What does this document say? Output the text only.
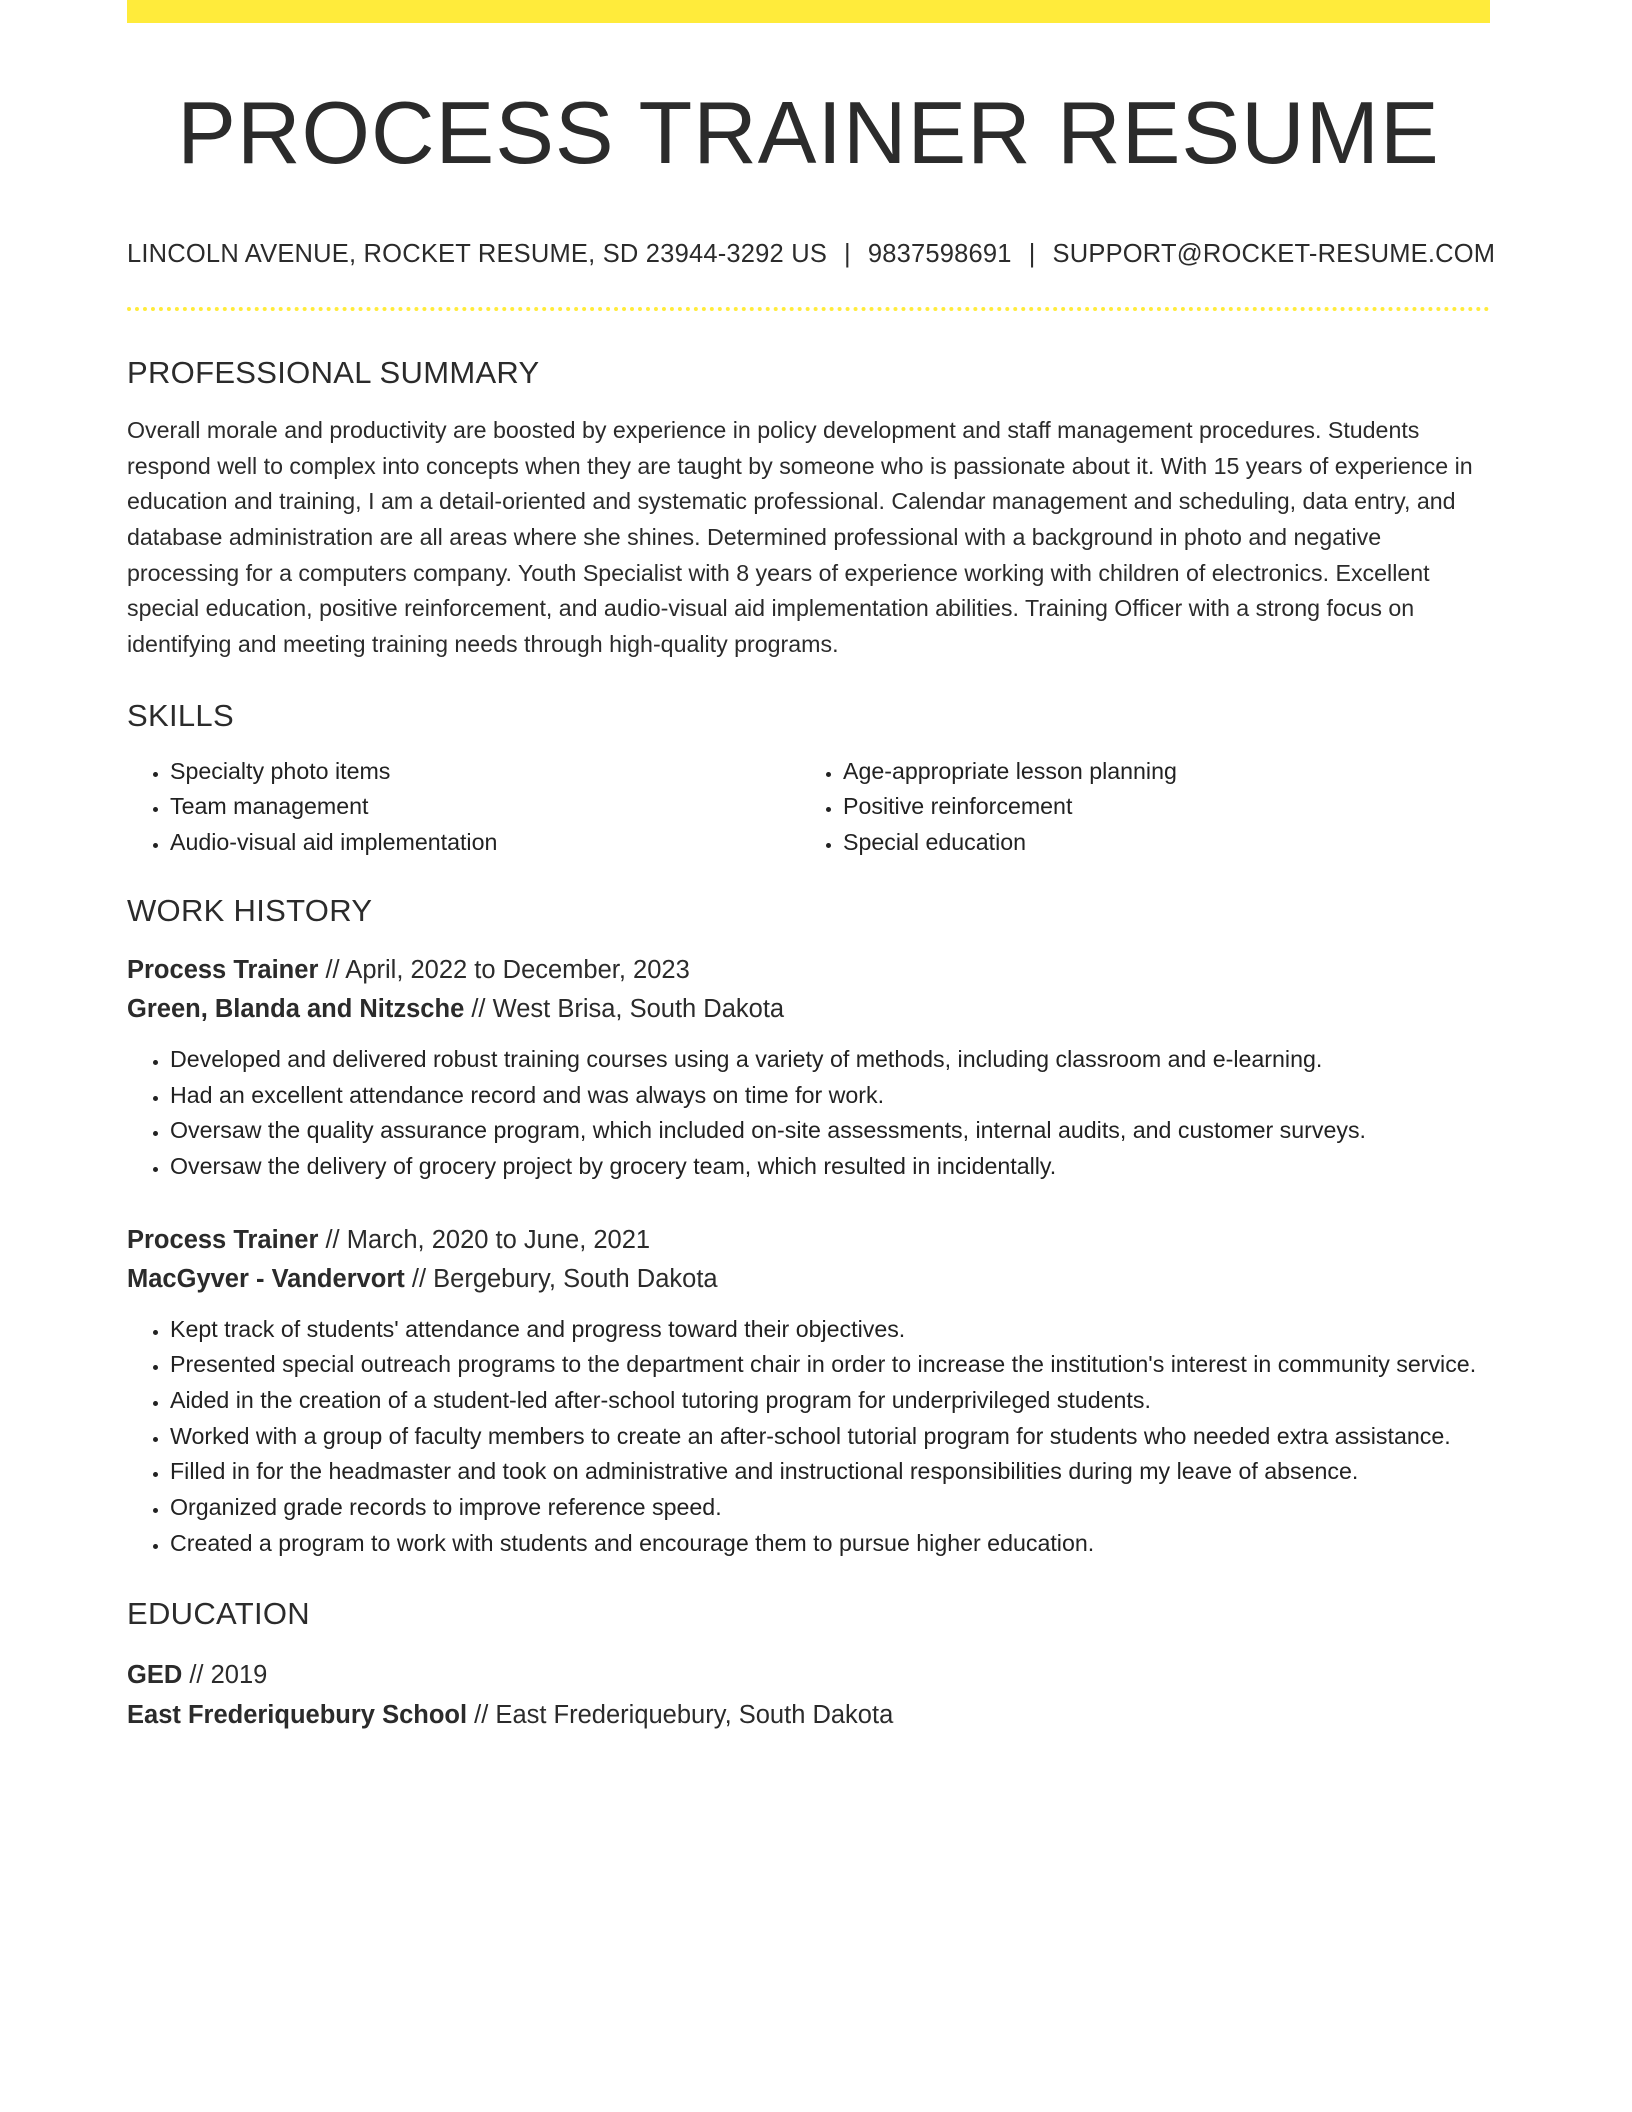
PROCESS TRAINER RESUME
LINCOLN AVENUE, ROCKET RESUME, SD 23944-3292 US | 9837598691 | SUPPORT@ROCKET-RESUME.COM
PROFESSIONAL SUMMARY
Overall morale and productivity are boosted by experience in policy development and staff management procedures. Students respond well to complex into concepts when they are taught by someone who is passionate about it. With 15 years of experience in education and training, I am a detail-oriented and systematic professional. Calendar management and scheduling, data entry, and database administration are all areas where she shines. Determined professional with a background in photo and negative processing for a computers company. Youth Specialist with 8 years of experience working with children of electronics. Excellent special education, positive reinforcement, and audio-visual aid implementation abilities. Training Officer with a strong focus on identifying and meeting training needs through high-quality programs.
SKILLS
• Specialty photo items
• Team management
• Audio-visual aid implementation
• Age-appropriate lesson planning
• Positive reinforcement
• Special education
WORK HISTORY
Process Trainer // April, 2022 to December, 2023
Green, Blanda and Nitzsche // West Brisa, South Dakota
• Developed and delivered robust training courses using a variety of methods, including classroom and e-learning.
• Had an excellent attendance record and was always on time for work.
• Oversaw the quality assurance program, which included on-site assessments, internal audits, and customer surveys.
• Oversaw the delivery of grocery project by grocery team, which resulted in incidentally.
Process Trainer // March, 2020 to June, 2021
MacGyver - Vandervort // Bergebury, South Dakota
• Kept track of students' attendance and progress toward their objectives.
• Presented special outreach programs to the department chair in order to increase the institution's interest in community service.
• Aided in the creation of a student-led after-school tutoring program for underprivileged students.
• Worked with a group of faculty members to create an after-school tutorial program for students who needed extra assistance.
• Filled in for the headmaster and took on administrative and instructional responsibilities during my leave of absence.
• Organized grade records to improve reference speed.
• Created a program to work with students and encourage them to pursue higher education.
EDUCATION
GED // 2019
East Frederiquebury School // East Frederiquebury, South Dakota
